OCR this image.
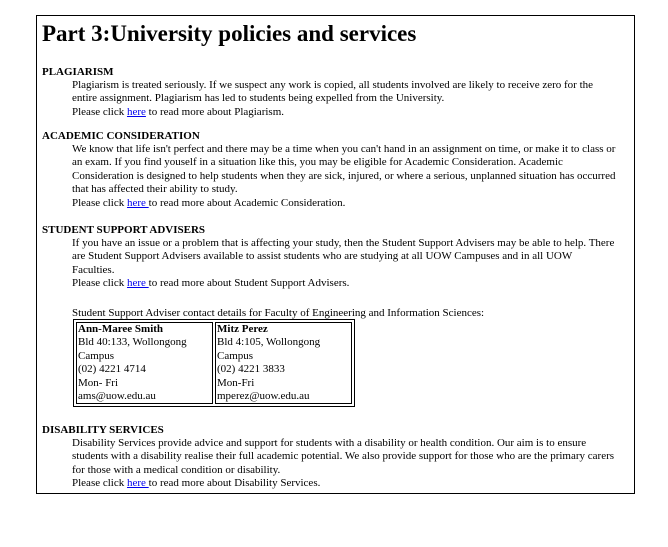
Part 3:University policies and services
PLAGIARISM
Plagiarism is treated seriously. If we suspect any work is copied, all students involved are likely to receive zero for the entire assignment. Plagiarism has led to students being expelled from the University.
Please click here to read more about Plagiarism.
ACADEMIC CONSIDERATION
We know that life isn't perfect and there may be a time when you can't hand in an assignment on time, or make it to class or an exam. If you find youself in a situation like this, you may be eligible for Academic Consideration. Academic Consideration is designed to help students when they are sick, injured, or where a serious, unplanned situation has occurred that has affected their ability to study.
Please click here to read more about Academic Consideration.
STUDENT SUPPORT ADVISERS
If you have an issue or a problem that is affecting your study, then the Student Support Advisers may be able to help. There are Student Support Advisers available to assist students who are studying at all UOW Campuses and in all UOW Faculties.
Please click here to read more about Student Support Advisers.
Student Support Adviser contact details for Faculty of Engineering and Information Sciences:
Ann-Maree Smith
Bld 40:133, Wollongong
Campus
(02) 4221 4714
Mon- Fri
ams@uow.edu.au

Mitz Perez
Bld 4:105, Wollongong
Campus
(02) 4221 3833
Mon-Fri
mperez@uow.edu.au
DISABILITY SERVICES
Disability Services provide advice and support for students with a disability or health condition. Our aim is to ensure students with a disability realise their full academic potential. We also provide support for those who are the primary carers for those with a medical condition or disability.
Please click here to read more about Disability Services.
